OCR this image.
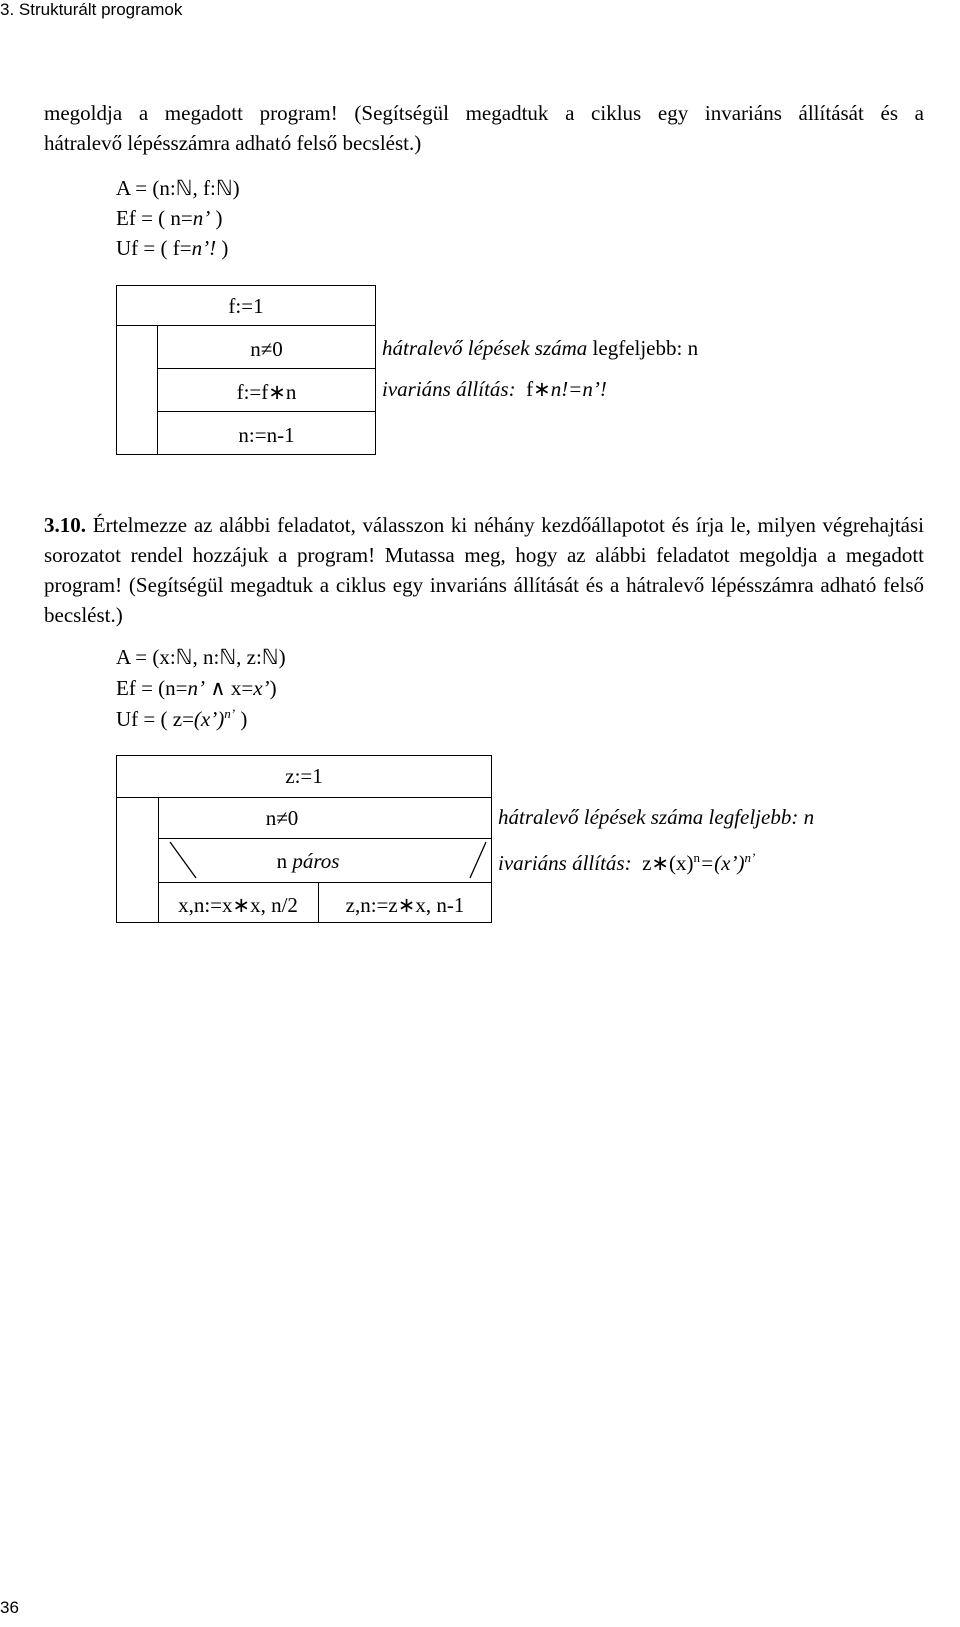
3. Strukturált programok
megoldja a megadott program! (Segítségül megadtuk a ciklus egy invariáns állítását és a
hátralevő lépésszámra adható felső becslést.)
A = (n:ℕ, f:ℕ)
Ef = ( n=n’ )
Uf = ( f=n’! )
f:=1
n≠0
f:=f∗n
n:=n-1
hátralevő lépések száma legfeljebb: n
ivariáns állítás:  f∗n!=n’!
3.10. Értelmezze az alábbi feladatot, válasszon ki néhány kezdőállapotot és írja le, milyen végrehajtási sorozatot rendel hozzájuk a program! Mutassa meg, hogy az alábbi feladatot megoldja a megadott program! (Segítségül megadtuk a ciklus egy invariáns állítását és a hátralevő lépésszámra adható felső becslést.)
A = (x:ℕ, n:ℕ, z:ℕ)
Ef = (n=n’ ∧ x=x’)
Uf = ( z=(x’)$^{n’}$ )
z:=1
n≠0
n páros
x,n:=x∗x, n/2	z,n:=z∗x, n-1
hátralevő lépések száma legfeljebb: n
ivariáns állítás:  $z∗(x)^n=(x’)^{n’}$
36
